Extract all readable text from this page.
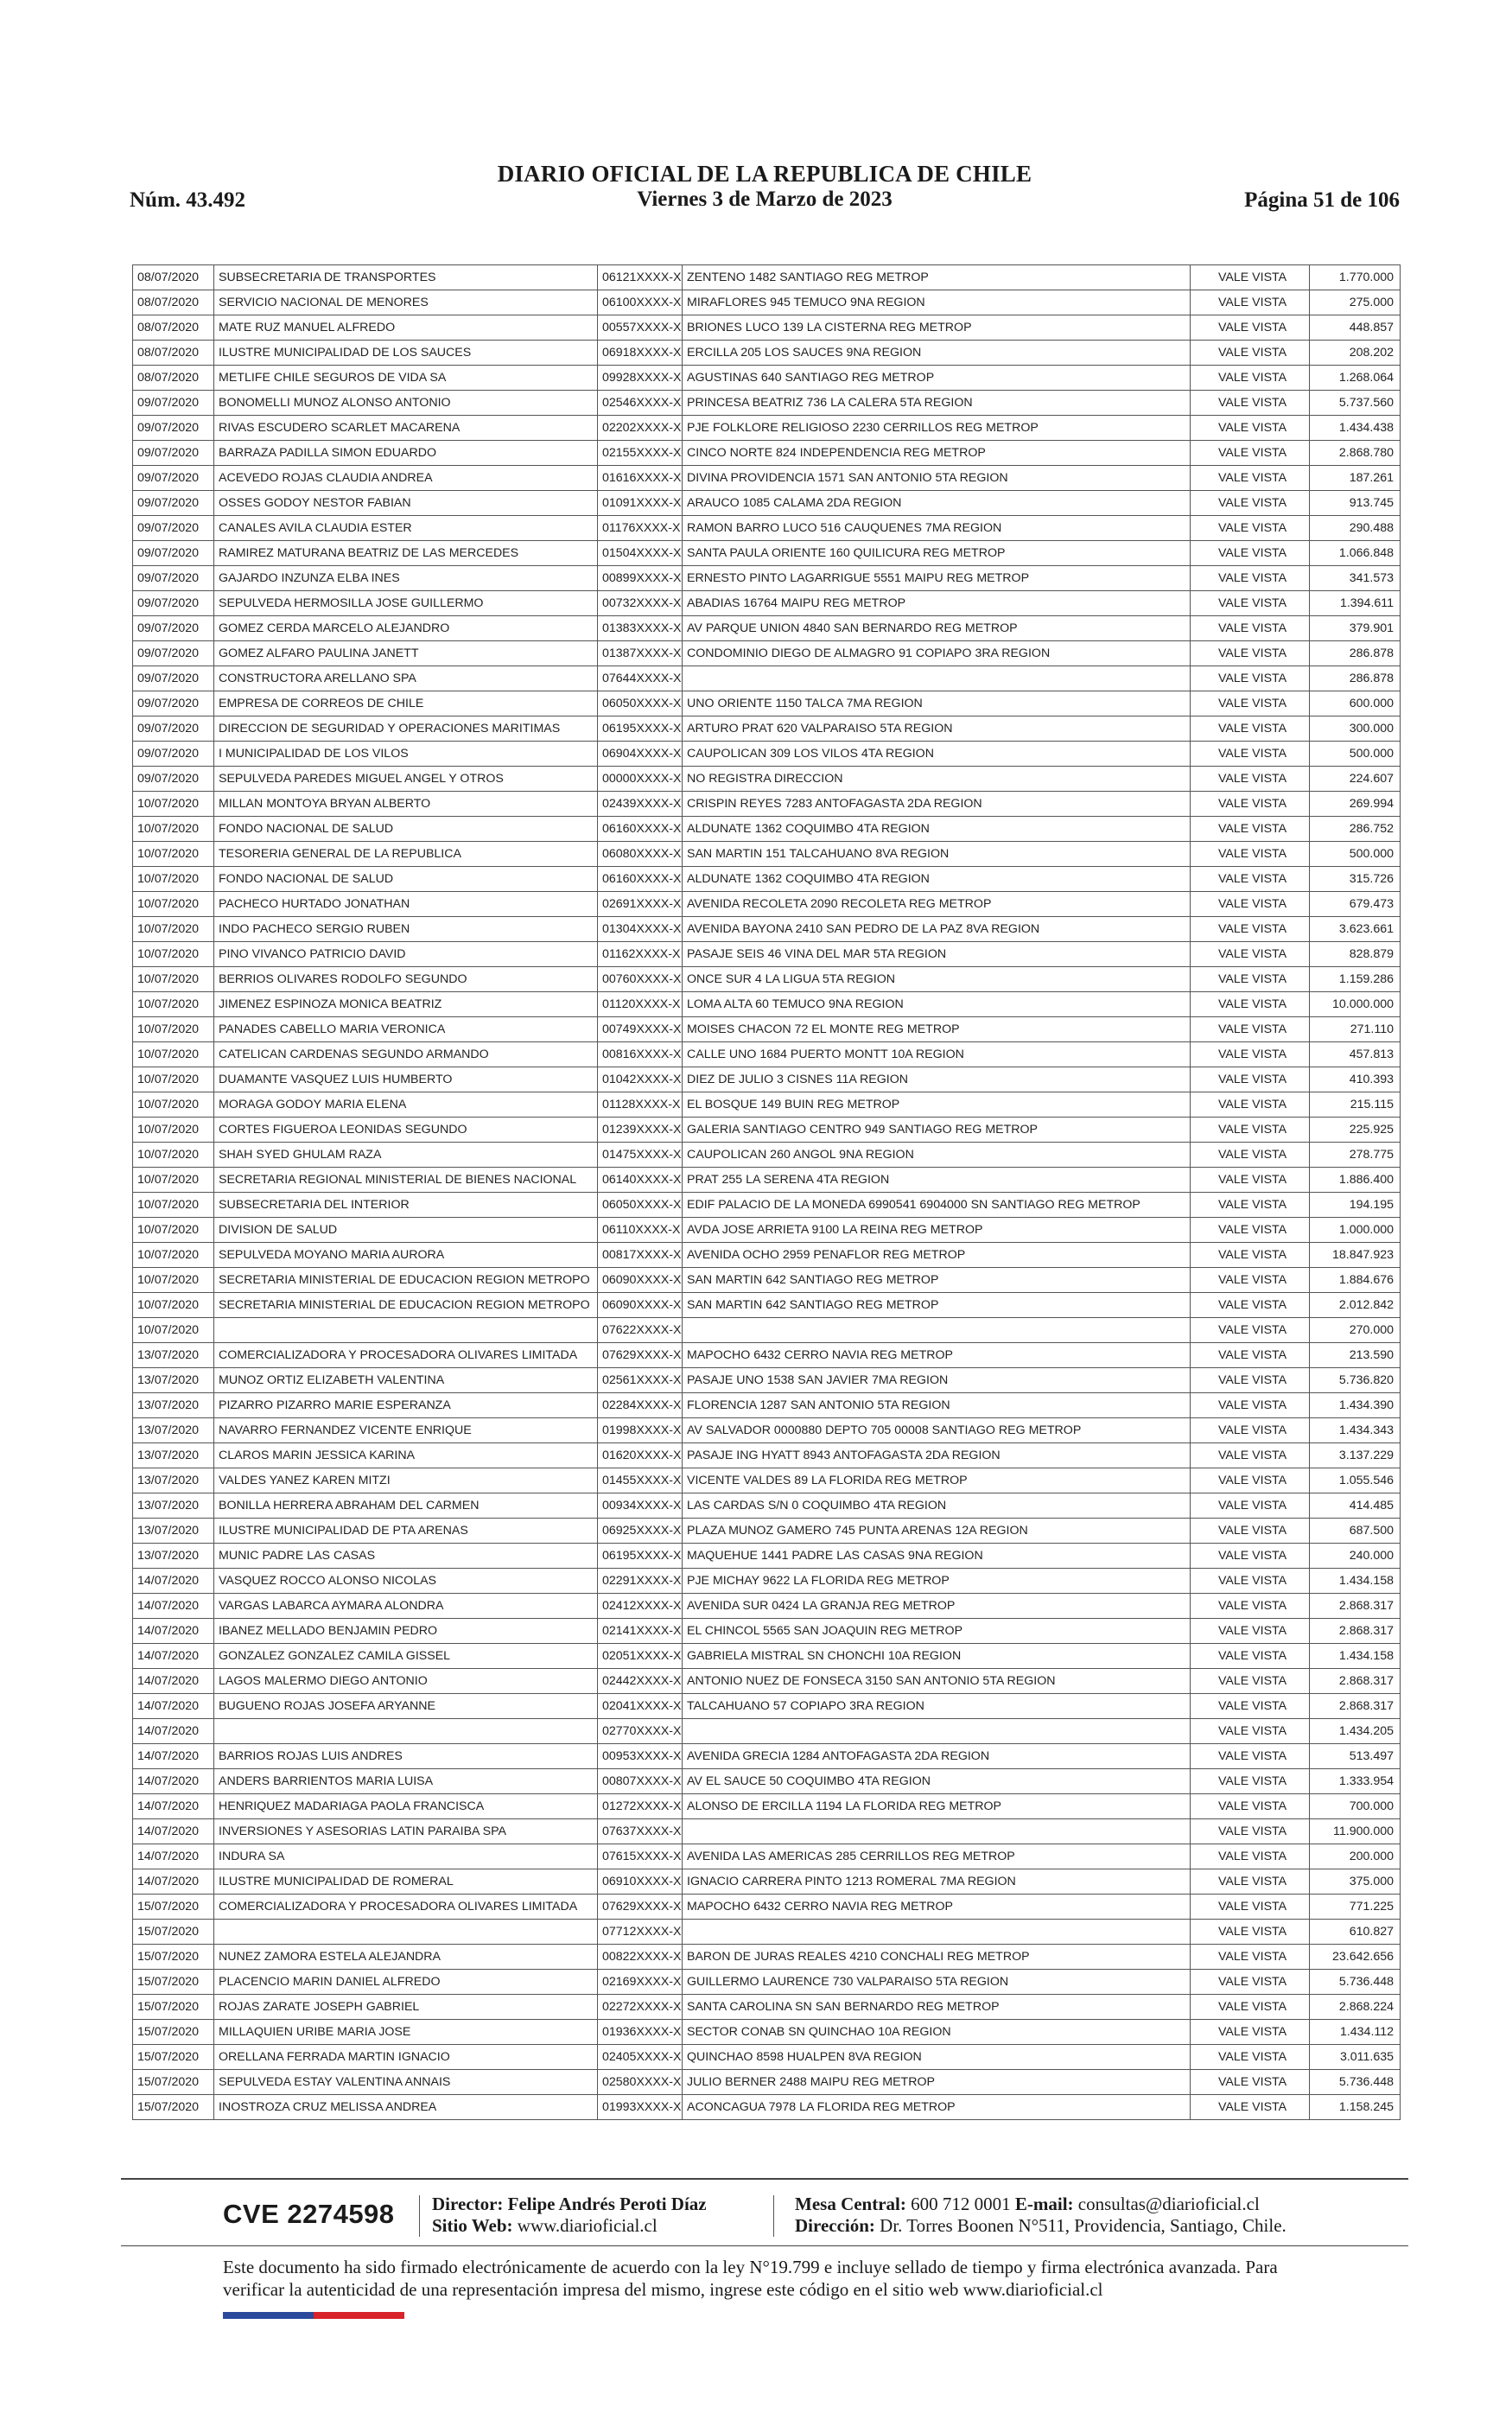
Núm. 43.492
DIARIO OFICIAL DE LA REPUBLICA DE CHILE
Viernes 3 de Marzo de 2023	Página 51 de 106
08/07/2020	SUBSECRETARIA DE TRANSPORTES	06121XXXX-X	ZENTENO 1482 SANTIAGO REG METROP	VALE VISTA	1.770.000
08/07/2020	SERVICIO NACIONAL DE MENORES	06100XXXX-X	MIRAFLORES 945 TEMUCO 9NA REGION	VALE VISTA	275.000
08/07/2020	MATE RUZ MANUEL ALFREDO	00557XXXX-X	BRIONES LUCO 139 LA CISTERNA REG METROP	VALE VISTA	448.857
08/07/2020	ILUSTRE MUNICIPALIDAD DE LOS SAUCES	06918XXXX-X	ERCILLA 205 LOS SAUCES 9NA REGION	VALE VISTA	208.202
08/07/2020	METLIFE CHILE SEGUROS DE VIDA SA	09928XXXX-X	AGUSTINAS 640 SANTIAGO REG METROP	VALE VISTA	1.268.064
09/07/2020	BONOMELLI MUNOZ ALONSO ANTONIO	02546XXXX-X	PRINCESA BEATRIZ 736 LA CALERA 5TA REGION	VALE VISTA	5.737.560
09/07/2020	RIVAS ESCUDERO SCARLET MACARENA	02202XXXX-X	PJE FOLKLORE RELIGIOSO 2230 CERRILLOS REG METROP	VALE VISTA	1.434.438
09/07/2020	BARRAZA PADILLA SIMON EDUARDO	02155XXXX-X	CINCO NORTE 824 INDEPENDENCIA REG METROP	VALE VISTA	2.868.780
09/07/2020	ACEVEDO ROJAS CLAUDIA ANDREA	01616XXXX-X	DIVINA PROVIDENCIA 1571 SAN ANTONIO 5TA REGION	VALE VISTA	187.261
09/07/2020	OSSES GODOY NESTOR FABIAN	01091XXXX-X	ARAUCO 1085 CALAMA 2DA REGION	VALE VISTA	913.745
09/07/2020	CANALES AVILA CLAUDIA ESTER	01176XXXX-X	RAMON BARRO LUCO 516 CAUQUENES 7MA REGION	VALE VISTA	290.488
09/07/2020	RAMIREZ MATURANA BEATRIZ DE LAS MERCEDES	01504XXXX-X	SANTA PAULA ORIENTE 160 QUILICURA REG METROP	VALE VISTA	1.066.848
09/07/2020	GAJARDO INZUNZA ELBA INES	00899XXXX-X	ERNESTO PINTO LAGARRIGUE 5551 MAIPU REG METROP	VALE VISTA	341.573
09/07/2020	SEPULVEDA HERMOSILLA JOSE GUILLERMO	00732XXXX-X	ABADIAS 16764 MAIPU REG METROP	VALE VISTA	1.394.611
09/07/2020	GOMEZ CERDA MARCELO ALEJANDRO	01383XXXX-X	AV PARQUE UNION 4840 SAN BERNARDO REG METROP	VALE VISTA	379.901
09/07/2020	GOMEZ ALFARO PAULINA JANETT	01387XXXX-X	CONDOMINIO DIEGO DE ALMAGRO 91 COPIAPO 3RA REGION	VALE VISTA	286.878
09/07/2020	CONSTRUCTORA ARELLANO SPA	07644XXXX-X		VALE VISTA	286.878
09/07/2020	EMPRESA DE CORREOS DE CHILE	06050XXXX-X	UNO ORIENTE 1150 TALCA 7MA REGION	VALE VISTA	600.000
09/07/2020	DIRECCION DE SEGURIDAD Y OPERACIONES MARITIMAS	06195XXXX-X	ARTURO PRAT 620 VALPARAISO 5TA REGION	VALE VISTA	300.000
09/07/2020	I MUNICIPALIDAD DE LOS VILOS	06904XXXX-X	CAUPOLICAN 309 LOS VILOS 4TA REGION	VALE VISTA	500.000
09/07/2020	SEPULVEDA PAREDES MIGUEL ANGEL Y OTROS	00000XXXX-X	NO REGISTRA DIRECCION	VALE VISTA	224.607
10/07/2020	MILLAN MONTOYA BRYAN ALBERTO	02439XXXX-X	CRISPIN REYES 7283 ANTOFAGASTA 2DA REGION	VALE VISTA	269.994
10/07/2020	FONDO NACIONAL DE SALUD	06160XXXX-X	ALDUNATE 1362 COQUIMBO 4TA REGION	VALE VISTA	286.752
10/07/2020	TESORERIA GENERAL DE LA REPUBLICA	06080XXXX-X	SAN MARTIN 151 TALCAHUANO 8VA REGION	VALE VISTA	500.000
10/07/2020	FONDO NACIONAL DE SALUD	06160XXXX-X	ALDUNATE 1362 COQUIMBO 4TA REGION	VALE VISTA	315.726
10/07/2020	PACHECO HURTADO JONATHAN	02691XXXX-X	AVENIDA RECOLETA 2090 RECOLETA REG METROP	VALE VISTA	679.473
10/07/2020	INDO PACHECO SERGIO RUBEN	01304XXXX-X	AVENIDA BAYONA 2410 SAN PEDRO DE LA PAZ 8VA REGION	VALE VISTA	3.623.661
10/07/2020	PINO VIVANCO PATRICIO DAVID	01162XXXX-X	PASAJE SEIS 46 VINA DEL MAR 5TA REGION	VALE VISTA	828.879
10/07/2020	BERRIOS OLIVARES RODOLFO SEGUNDO	00760XXXX-X	ONCE SUR 4 LA LIGUA 5TA REGION	VALE VISTA	1.159.286
10/07/2020	JIMENEZ ESPINOZA MONICA BEATRIZ	01120XXXX-X	LOMA ALTA 60 TEMUCO 9NA REGION	VALE VISTA	10.000.000
10/07/2020	PANADES CABELLO MARIA VERONICA	00749XXXX-X	MOISES CHACON 72 EL MONTE REG METROP	VALE VISTA	271.110
10/07/2020	CATELICAN CARDENAS SEGUNDO ARMANDO	00816XXXX-X	CALLE UNO 1684 PUERTO MONTT 10A REGION	VALE VISTA	457.813
10/07/2020	DUAMANTE VASQUEZ LUIS HUMBERTO	01042XXXX-X	DIEZ DE JULIO 3 CISNES 11A REGION	VALE VISTA	410.393
10/07/2020	MORAGA GODOY MARIA ELENA	01128XXXX-X	EL BOSQUE 149 BUIN REG METROP	VALE VISTA	215.115
10/07/2020	CORTES FIGUEROA LEONIDAS SEGUNDO	01239XXXX-X	GALERIA SANTIAGO CENTRO 949 SANTIAGO REG METROP	VALE VISTA	225.925
10/07/2020	SHAH SYED GHULAM RAZA	01475XXXX-X	CAUPOLICAN 260 ANGOL 9NA REGION	VALE VISTA	278.775
10/07/2020	SECRETARIA REGIONAL MINISTERIAL DE BIENES NACIONAL	06140XXXX-X	PRAT 255 LA SERENA 4TA REGION	VALE VISTA	1.886.400
10/07/2020	SUBSECRETARIA DEL INTERIOR	06050XXXX-X	EDIF PALACIO DE LA MONEDA 6990541 6904000 SN SANTIAGO REG METROP	VALE VISTA	194.195
10/07/2020	DIVISION DE SALUD	06110XXXX-X	AVDA JOSE ARRIETA 9100 LA REINA REG METROP	VALE VISTA	1.000.000
10/07/2020	SEPULVEDA MOYANO MARIA AURORA	00817XXXX-X	AVENIDA OCHO 2959 PENAFLOR REG METROP	VALE VISTA	18.847.923
10/07/2020	SECRETARIA MINISTERIAL DE EDUCACION REGION METROPO	06090XXXX-X	SAN MARTIN 642 SANTIAGO REG METROP	VALE VISTA	1.884.676
10/07/2020	SECRETARIA MINISTERIAL DE EDUCACION REGION METROPO	06090XXXX-X	SAN MARTIN 642 SANTIAGO REG METROP	VALE VISTA	2.012.842
10/07/2020		07622XXXX-X		VALE VISTA	270.000
13/07/2020	COMERCIALIZADORA Y PROCESADORA OLIVARES LIMITADA	07629XXXX-X	MAPOCHO 6432 CERRO NAVIA REG METROP	VALE VISTA	213.590
13/07/2020	MUNOZ ORTIZ ELIZABETH VALENTINA	02561XXXX-X	PASAJE UNO 1538 SAN JAVIER 7MA REGION	VALE VISTA	5.736.820
13/07/2020	PIZARRO PIZARRO MARIE ESPERANZA	02284XXXX-X	FLORENCIA 1287 SAN ANTONIO 5TA REGION	VALE VISTA	1.434.390
13/07/2020	NAVARRO FERNANDEZ VICENTE ENRIQUE	01998XXXX-X	AV SALVADOR 0000880 DEPTO 705 00008 SANTIAGO REG METROP	VALE VISTA	1.434.343
13/07/2020	CLAROS MARIN JESSICA KARINA	01620XXXX-X	PASAJE ING HYATT 8943 ANTOFAGASTA 2DA REGION	VALE VISTA	3.137.229
13/07/2020	VALDES YANEZ KAREN MITZI	01455XXXX-X	VICENTE VALDES 89 LA FLORIDA REG METROP	VALE VISTA	1.055.546
13/07/2020	BONILLA HERRERA ABRAHAM DEL CARMEN	00934XXXX-X	LAS CARDAS S/N 0 COQUIMBO 4TA REGION	VALE VISTA	414.485
13/07/2020	ILUSTRE MUNICIPALIDAD DE PTA ARENAS	06925XXXX-X	PLAZA MUNOZ GAMERO 745 PUNTA ARENAS 12A REGION	VALE VISTA	687.500
13/07/2020	MUNIC PADRE LAS CASAS	06195XXXX-X	MAQUEHUE 1441 PADRE LAS CASAS 9NA REGION	VALE VISTA	240.000
14/07/2020	VASQUEZ ROCCO ALONSO NICOLAS	02291XXXX-X	PJE MICHAY 9622 LA FLORIDA REG METROP	VALE VISTA	1.434.158
14/07/2020	VARGAS LABARCA AYMARA ALONDRA	02412XXXX-X	AVENIDA SUR 0424 LA GRANJA REG METROP	VALE VISTA	2.868.317
14/07/2020	IBANEZ MELLADO BENJAMIN PEDRO	02141XXXX-X	EL CHINCOL 5565 SAN JOAQUIN REG METROP	VALE VISTA	2.868.317
14/07/2020	GONZALEZ GONZALEZ CAMILA GISSEL	02051XXXX-X	GABRIELA MISTRAL SN CHONCHI 10A REGION	VALE VISTA	1.434.158
14/07/2020	LAGOS MALERMO DIEGO ANTONIO	02442XXXX-X	ANTONIO NUEZ DE FONSECA 3150 SAN ANTONIO 5TA REGION	VALE VISTA	2.868.317
14/07/2020	BUGUENO ROJAS JOSEFA ARYANNE	02041XXXX-X	TALCAHUANO 57 COPIAPO 3RA REGION	VALE VISTA	2.868.317
14/07/2020		02770XXXX-X		VALE VISTA	1.434.205
14/07/2020	BARRIOS ROJAS LUIS ANDRES	00953XXXX-X	AVENIDA GRECIA 1284 ANTOFAGASTA 2DA REGION	VALE VISTA	513.497
14/07/2020	ANDERS BARRIENTOS MARIA LUISA	00807XXXX-X	AV EL SAUCE 50 COQUIMBO 4TA REGION	VALE VISTA	1.333.954
14/07/2020	HENRIQUEZ MADARIAGA PAOLA FRANCISCA	01272XXXX-X	ALONSO DE ERCILLA 1194 LA FLORIDA REG METROP	VALE VISTA	700.000
14/07/2020	INVERSIONES Y ASESORIAS LATIN PARAIBA SPA	07637XXXX-X		VALE VISTA	11.900.000
14/07/2020	INDURA SA	07615XXXX-X	AVENIDA LAS AMERICAS 285 CERRILLOS REG METROP	VALE VISTA	200.000
14/07/2020	ILUSTRE MUNICIPALIDAD DE ROMERAL	06910XXXX-X	IGNACIO CARRERA PINTO 1213 ROMERAL 7MA REGION	VALE VISTA	375.000
15/07/2020	COMERCIALIZADORA Y PROCESADORA OLIVARES LIMITADA	07629XXXX-X	MAPOCHO 6432 CERRO NAVIA REG METROP	VALE VISTA	771.225
15/07/2020		07712XXXX-X		VALE VISTA	610.827
15/07/2020	NUNEZ ZAMORA ESTELA ALEJANDRA	00822XXXX-X	BARON DE JURAS REALES 4210 CONCHALI REG METROP	VALE VISTA	23.642.656
15/07/2020	PLACENCIO MARIN DANIEL ALFREDO	02169XXXX-X	GUILLERMO LAURENCE 730 VALPARAISO 5TA REGION	VALE VISTA	5.736.448
15/07/2020	ROJAS ZARATE JOSEPH GABRIEL	02272XXXX-X	SANTA CAROLINA SN SAN BERNARDO REG METROP	VALE VISTA	2.868.224
15/07/2020	MILLAQUIEN URIBE MARIA JOSE	01936XXXX-X	SECTOR CONAB SN QUINCHAO 10A REGION	VALE VISTA	1.434.112
15/07/2020	ORELLANA FERRADA MARTIN IGNACIO	02405XXXX-X	QUINCHAO 8598 HUALPEN 8VA REGION	VALE VISTA	3.011.635
15/07/2020	SEPULVEDA ESTAY VALENTINA ANNAIS	02580XXXX-X	JULIO BERNER 2488 MAIPU REG METROP	VALE VISTA	5.736.448
15/07/2020	INOSTROZA CRUZ MELISSA ANDREA	01993XXXX-X	ACONCAGUA 7978 LA FLORIDA REG METROP	VALE VISTA	1.158.245
CVE 2274598 Director: Felipe Andrés Peroti Díaz
Sitio Web: www.diarioficial.cl
Mesa Central: 600 712 0001 E-mail: consultas@diarioficial.cl
Dirección: Dr. Torres Boonen N°511, Providencia, Santiago, Chile.
Este documento ha sido firmado electrónicamente de acuerdo con la ley N°19.799 e incluye sellado de tiempo y firma electrónica avanzada. Para verificar la autenticidad de una representación impresa del mismo, ingrese este código en el sitio web www.diarioficial.cl
